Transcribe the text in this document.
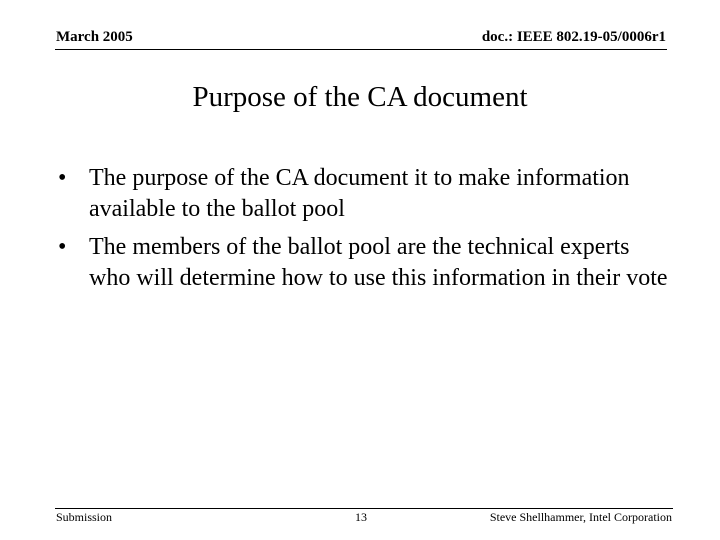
March 2005	doc.: IEEE 802.19-05/0006r1
Purpose of the CA document
• The purpose of the CA document it to make information available to the ballot pool
• The members of the ballot pool are the technical experts who will determine how to use this information in their vote
Submission	13	Steve Shellhammer, Intel Corporation
